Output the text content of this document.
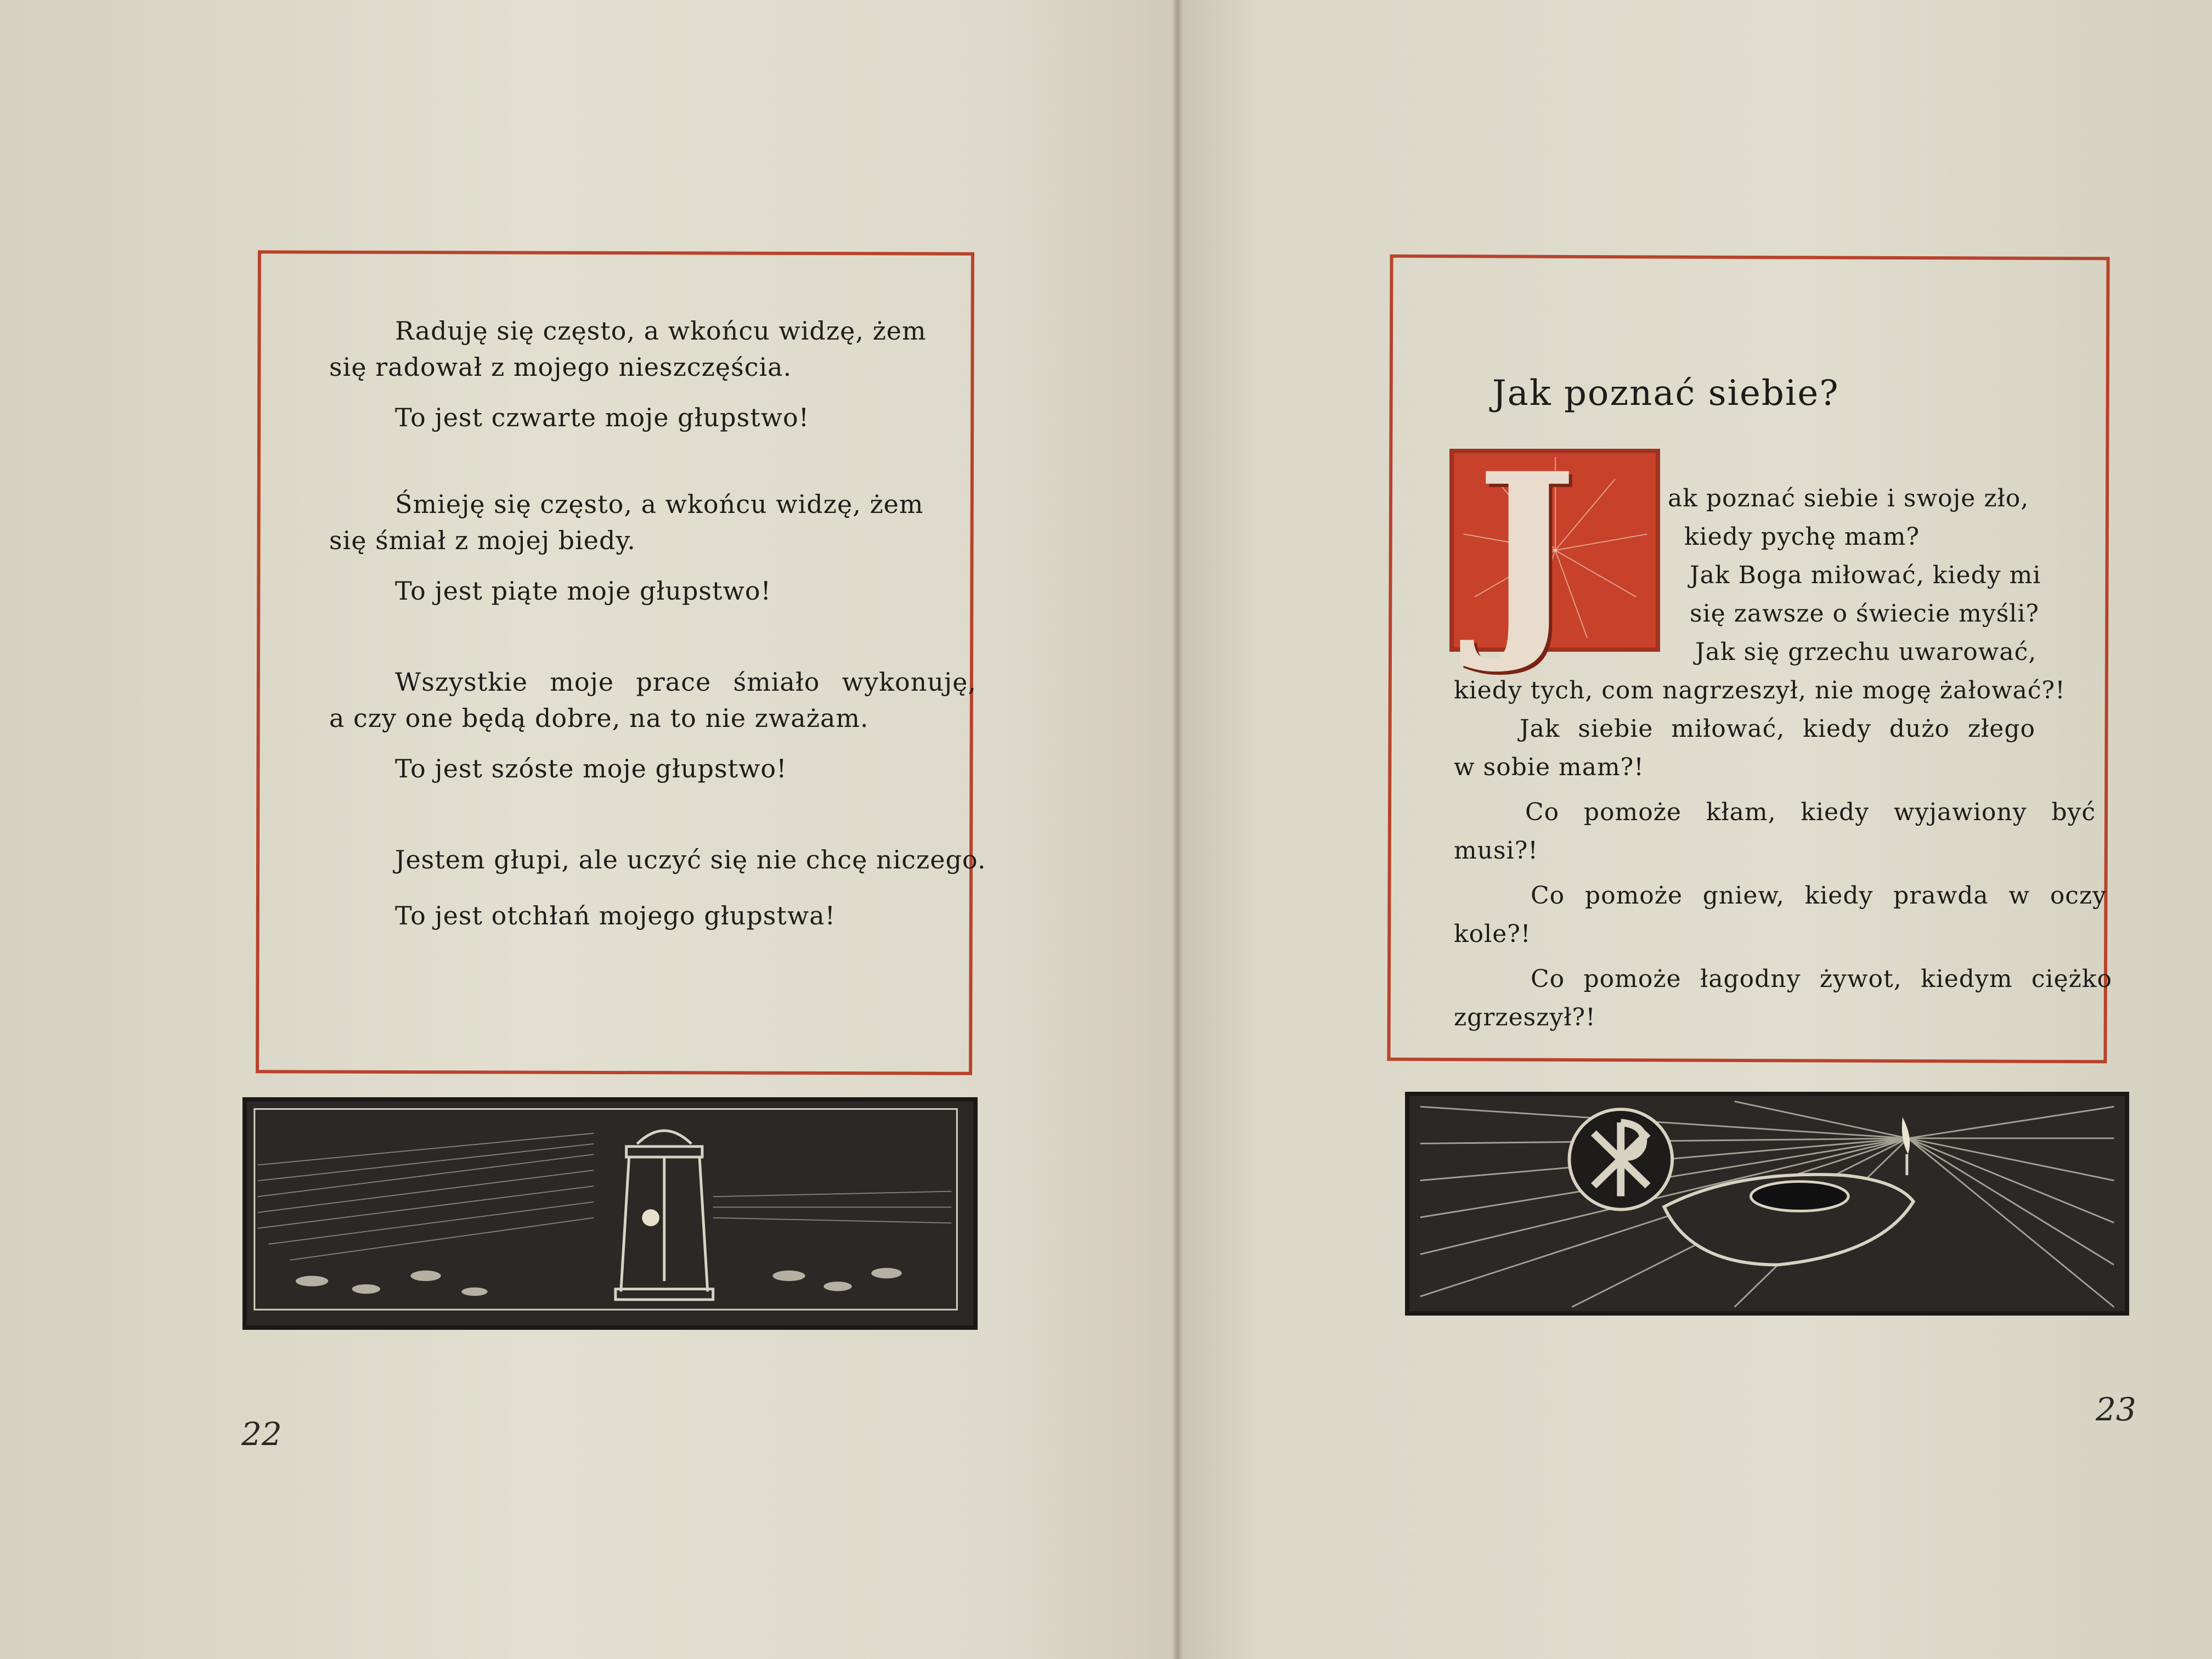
Raduję się często, a wkońcu widzę, żem
się radował z mojego nieszczęścia.
To jest czwarte moje głupstwo!
Śmieję się często, a wkońcu widzę, żem
się śmiał z mojej biedy.
To jest piąte moje głupstwo!
Wszystkie moje prace śmiało wykonuję,
a czy one będą dobre, na to nie zważam.
To jest szóste moje głupstwo!
Jestem głupi, ale uczyć się nie chcę niczego.
To jest otchłań mojego głupstwa!
22
Jak poznać siebie?
J	ak poznać siebie i swoje zło,
kiedy pychę mam?
Jak Boga miłować, kiedy mi
się zawsze o świecie myśli?
Jak się grzechu uwarować,
kiedy tych, com nagrzeszył, nie mogę żałować?!
Jak siebie miłować, kiedy dużo złego
w sobie mam?!
Co pomoże kłam, kiedy wyjawiony być
musi?!
Co pomoże gniew, kiedy prawda w oczy
kole?!
Co pomoże łagodny żywot, kiedym ciężko
zgrzeszył?!
23
